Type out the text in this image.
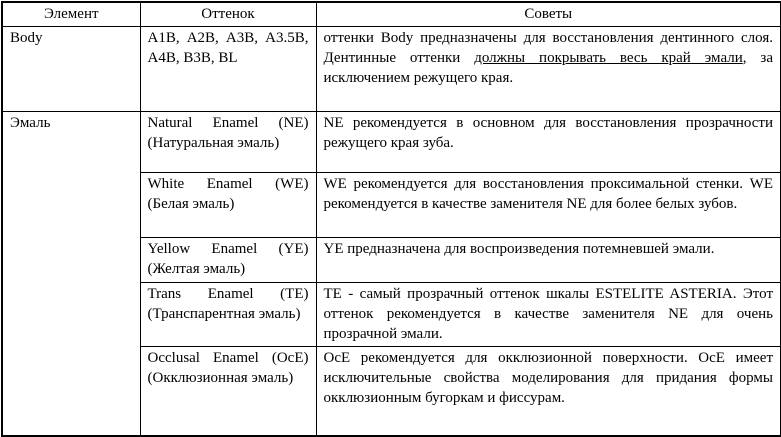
Элемент	Оттенок	Советы
Body	A1B, A2B, A3B, A3.5B, A4B, B3B, BL	оттенки Body предназначены для восстановления дентинного слоя. Дентинные оттенки должны покрывать весь край эмали, за исключением режущего края.
Эмаль	Natural Enamel (NE) (Натуральная эмаль)	NE рекомендуется в основном для восстановления прозрачности режущего края зуба.
	White Enamel (WE) (Белая эмаль)	WE рекомендуется для восстановления проксимальной стенки. WE рекомендуется в качестве заменителя NE для более белых зубов.
	Yellow Enamel (YE) (Желтая эмаль)	YE предназначена для воспроизведения потемневшей эмали.
	Trans Enamel (TE) (Транспарентная эмаль)	TE - самый прозрачный оттенок шкалы ESTELITE ASTERIA. Этот оттенок рекомендуется в качестве заменителя NE для очень прозрачной эмали.
	Occlusal Enamel (OcE) (Окклюзионная эмаль)	OcE рекомендуется для окклюзионной поверхности. OcE имеет исключительные свойства моделирования для придания формы окклюзионным бугоркам и фиссурам.
